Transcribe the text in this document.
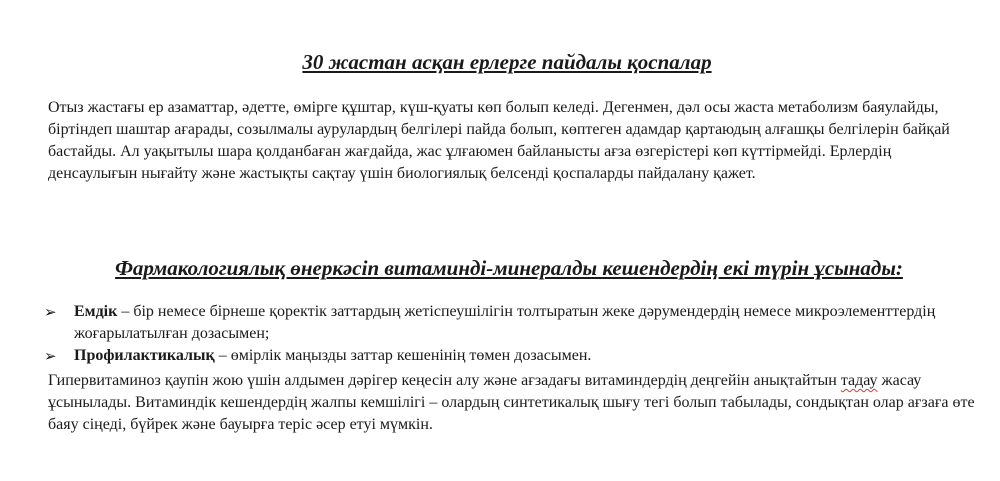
30 жастан асқан ерлерге пайдалы қоспалар

Отыз жастағы ер азаматтар, әдетте, өмірге құштар, күш-қуаты көп болып келеді. Дегенмен, дәл осы жаста метаболизм баяулайды, біртіндеп шаштар ағарады, созылмалы аурулардың белгілері пайда болып, көптеген адамдар қартаюдың алғашқы белгілерін байқай бастайды. Ал уақытылы шара қолданбаған жағдайда, жас ұлғаюмен байланысты ағза өзгерістері көп күттірмейді. Ерлердің денсаулығын нығайту және жастықты сақтау үшін биологиялық белсенді қоспаларды пайдалану қажет.

Фармакологиялық өнеркәсіп витаминді-минералды кешендердің екі түрін ұсынады:
➢ Емдік – бір немесе бірнеше қоректік заттардың жетіспеушілігін толтыратын жеке дәрумендердің немесе микроэлементтердің жоғарылатылған дозасымен;
➢ Профилактикалық – өмірлік маңызды заттар кешенінің төмен дозасымен.

Гипервитаминоз қаупін жою үшін алдымен дәрігер кеңесін алу және ағзадағы витаминдердің деңгейін анықтайтын тадау жасау ұсынылады. Витаминдік кешендердің жалпы кемшілігі – олардың синтетикалық шығу тегі болып табылады, сондықтан олар ағзаға өте баяу сіңеді, бүйрек және бауырға теріс әсер етуі мүмкін.
